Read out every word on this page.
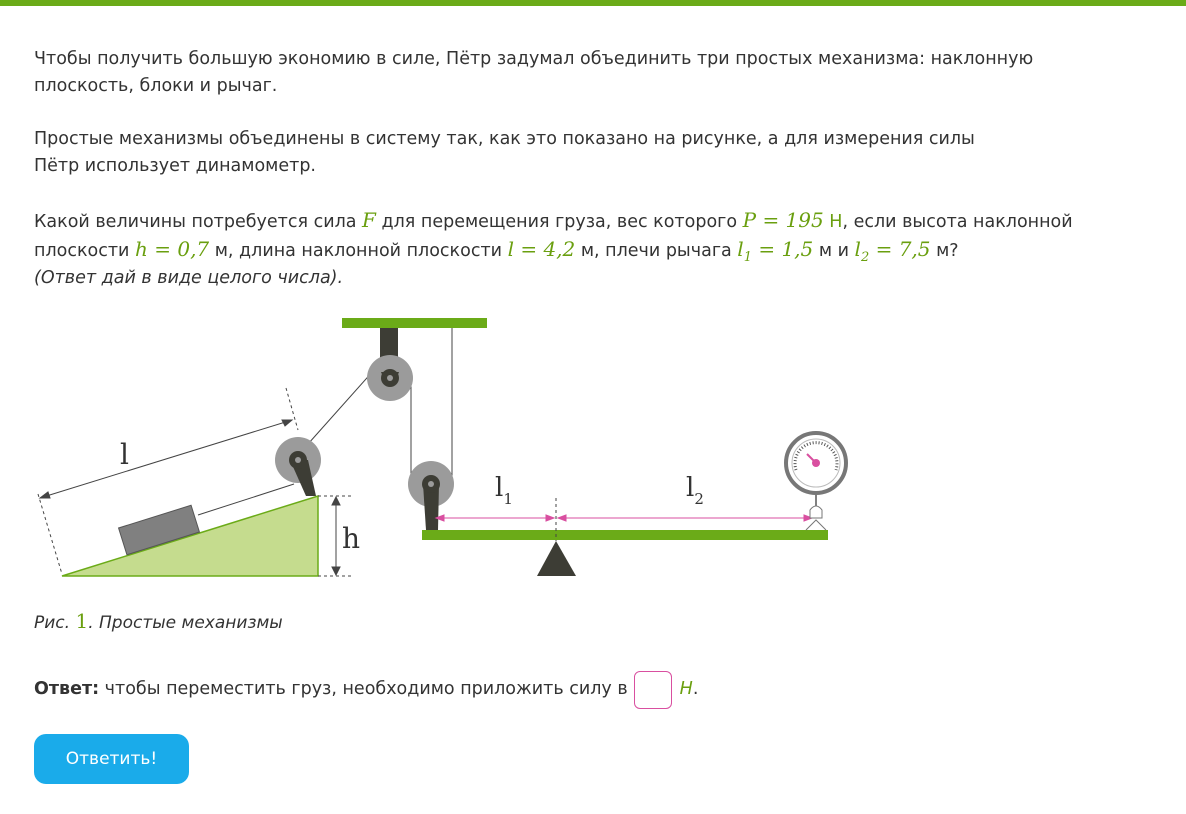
Чтобы получить большую экономию в силе, Пётр задумал объединить три простых механизма: наклонную плоскость, блоки и рычаг.

Простые механизмы объединены в систему так, как это показано на рисунке, а для измерения силы
Пётр использует динамометр.

Какой величины потребуется сила F для перемещения груза, вес которого P = 195 Н, если высота наклонной плоскости h = 0,7 м, длина наклонной плоскости l = 4,2 м, плечи рычага $l_1 = 1,5$ м и $l_2 = 7,5$ м?

(Ответ дай в виде целого числа).

$l_1$	$l_2$
l
h
Рис. 1. Простые механизмы
Ответ: чтобы переместить груз, необходимо приложить силу в	Н .
Ответить!
